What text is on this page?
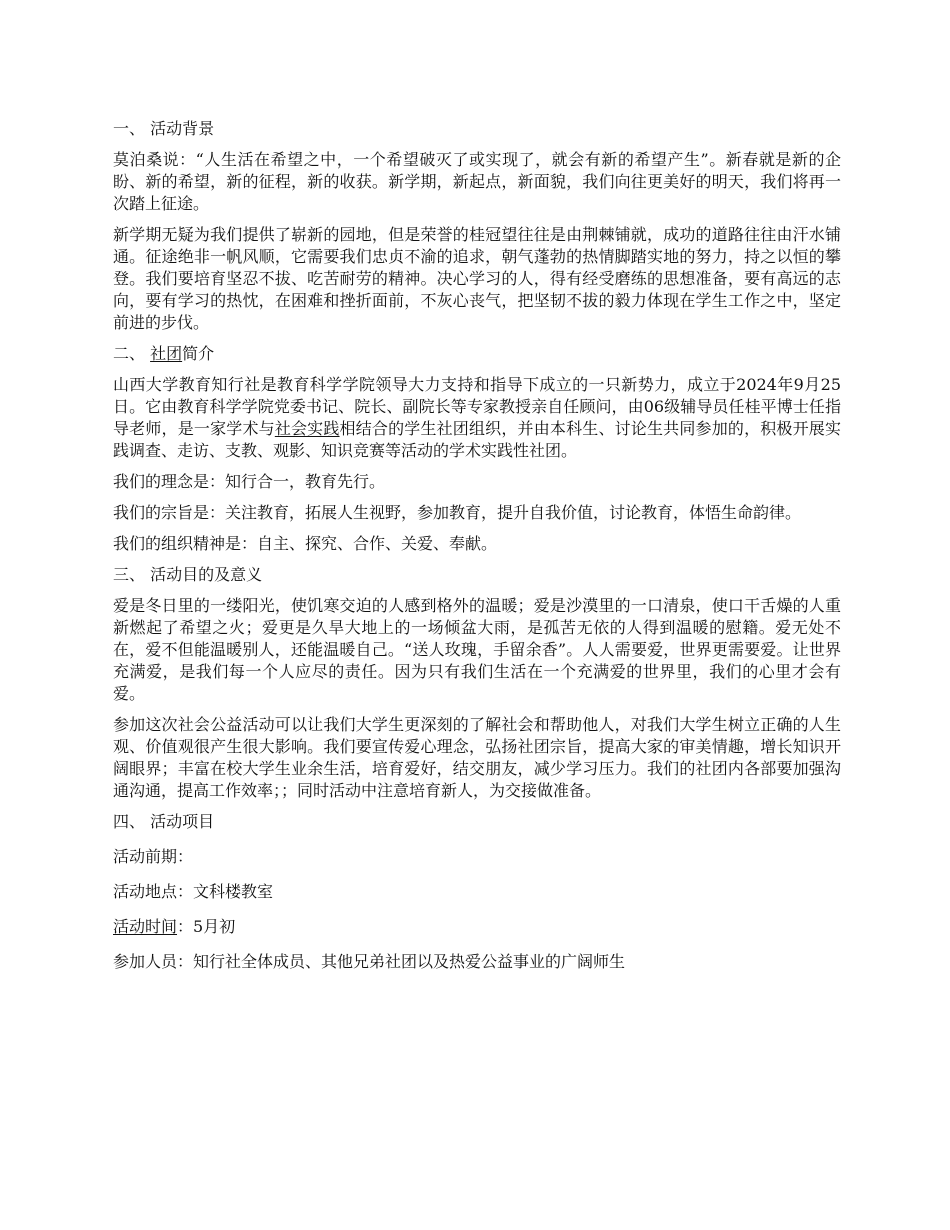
一、 活动背景

莫泊桑说：“人生活在希望之中，一个希望破灭了或实现了，就会有新的希望产生”。新春就是新的企盼、新的希望，新的征程，新的收获。新学期，新起点，新面貌，我们向往更美好的明天，我们将再一次踏上征途。

新学期无疑为我们提供了崭新的园地，但是荣誉的桂冠望往往是由荆棘铺就，成功的道路往往由汗水铺通。征途绝非一帆风顺，它需要我们忠贞不渝的追求，朝气蓬勃的热情脚踏实地的努力，持之以恒的攀登。我们要培育坚忍不拔、吃苦耐劳的精神。决心学习的人，得有经受磨练的思想准备，要有高远的志向，要有学习的热忱，在困难和挫折面前，不灰心丧气，把坚韧不拔的毅力体现在学生工作之中，坚定前进的步伐。

二、 社团简介

山西大学教育知行社是教育科学学院领导大力支持和指导下成立的一只新势力，成立于2024年9月25日。它由教育科学学院党委书记、院长、副院长等专家教授亲自任顾问，由06级辅导员任桂平博士任指导老师，是一家学术与社会实践相结合的学生社团组织，并由本科生、讨论生共同参加的，积极开展实践调查、走访、支教、观影、知识竞赛等活动的学术实践性社团。

我们的理念是：知行合一，教育先行。

我们的宗旨是：关注教育，拓展人生视野，参加教育，提升自我价值，讨论教育，体悟生命韵律。

我们的组织精神是：自主、探究、合作、关爱、奉献。

三、 活动目的及意义

爱是冬日里的一缕阳光，使饥寒交迫的人感到格外的温暖；爱是沙漠里的一口清泉，使口干舌燥的人重新燃起了希望之火；爱更是久旱大地上的一场倾盆大雨，是孤苦无依的人得到温暖的慰籍。爱无处不在，爱不但能温暖别人，还能温暖自己。“送人玫瑰，手留余香”。人人需要爱，世界更需要爱。让世界充满爱，是我们每一个人应尽的责任。因为只有我们生活在一个充满爱的世界里，我们的心里才会有爱。

参加这次社会公益活动可以让我们大学生更深刻的了解社会和帮助他人，对我们大学生树立正确的人生观、价值观很产生很大影响。我们要宣传爱心理念，弘扬社团宗旨，提高大家的审美情趣，增长知识开阔眼界；丰富在校大学生业余生活，培育爱好，结交朋友，减少学习压力。我们的社团内各部要加强沟通沟通，提高工作效率；；同时活动中注意培育新人，为交接做准备。

四、 活动项目

活动前期：

活动地点：文科楼教室

活动时间：5月初

参加人员：知行社全体成员、其他兄弟社团以及热爱公益事业的广阔师生
